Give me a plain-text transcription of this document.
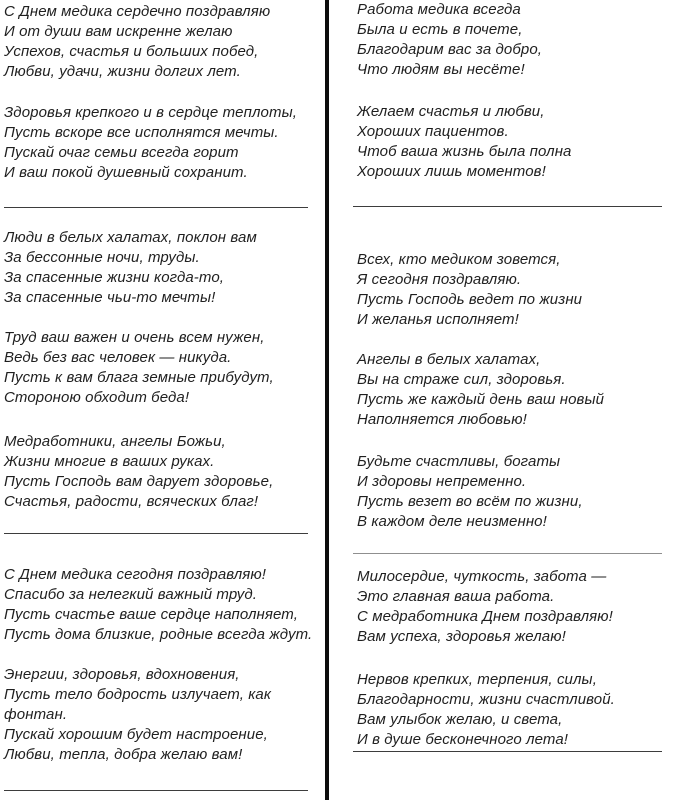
С Днем медика сердечно поздравляю
И от души вам искренне желаю
Успехов, счастья и больших побед,
Любви, удачи, жизни долгих лет.
Здоровья крепкого и в сердце теплоты,
Пусть вскоре все исполнятся мечты.
Пускай очаг семьи всегда горит
И ваш покой душевный сохранит.
Люди в белых халатах, поклон вам
За бессонные ночи, труды.
За спасенные жизни когда-то,
За спасенные чьи-то мечты!
Труд ваш важен и очень всем нужен,
Ведь без вас человек — никуда.
Пусть к вам блага земные прибудут,
Стороною обходит беда!
Медработники, ангелы Божьи,
Жизни многие в ваших руках.
Пусть Господь вам дарует здоровье,
Счастья, радости, всяческих благ!
С Днем медика сегодня поздравляю!
Спасибо за нелегкий важный труд.
Пусть счастье ваше сердце наполняет,
Пусть дома близкие, родные всегда ждут.
Энергии, здоровья, вдохновения,
Пусть тело бодрость излучает, как
фонтан.
Пускай хорошим будет настроение,
Любви, тепла, добра желаю вам!
Работа медика всегда
Была и есть в почете,
Благодарим вас за добро,
Что людям вы несёте!
Желаем счастья и любви,
Хороших пациентов.
Чтоб ваша жизнь была полна
Хороших лишь моментов!
Всех, кто медиком зовется,
Я сегодня поздравляю.
Пусть Господь ведет по жизни
И желанья исполняет!
Ангелы в белых халатах,
Вы на страже сил, здоровья.
Пусть же каждый день ваш новый
Наполняется любовью!
Будьте счастливы, богаты
И здоровы непременно.
Пусть везет во всём по жизни,
В каждом деле неизменно!
Милосердие, чуткость, забота —
Это главная ваша работа.
С медработника Днем поздравляю!
Вам успеха, здоровья желаю!
Нервов крепких, терпения, силы,
Благодарности, жизни счастливой.
Вам улыбок желаю, и света,
И в душе бесконечного лета!
